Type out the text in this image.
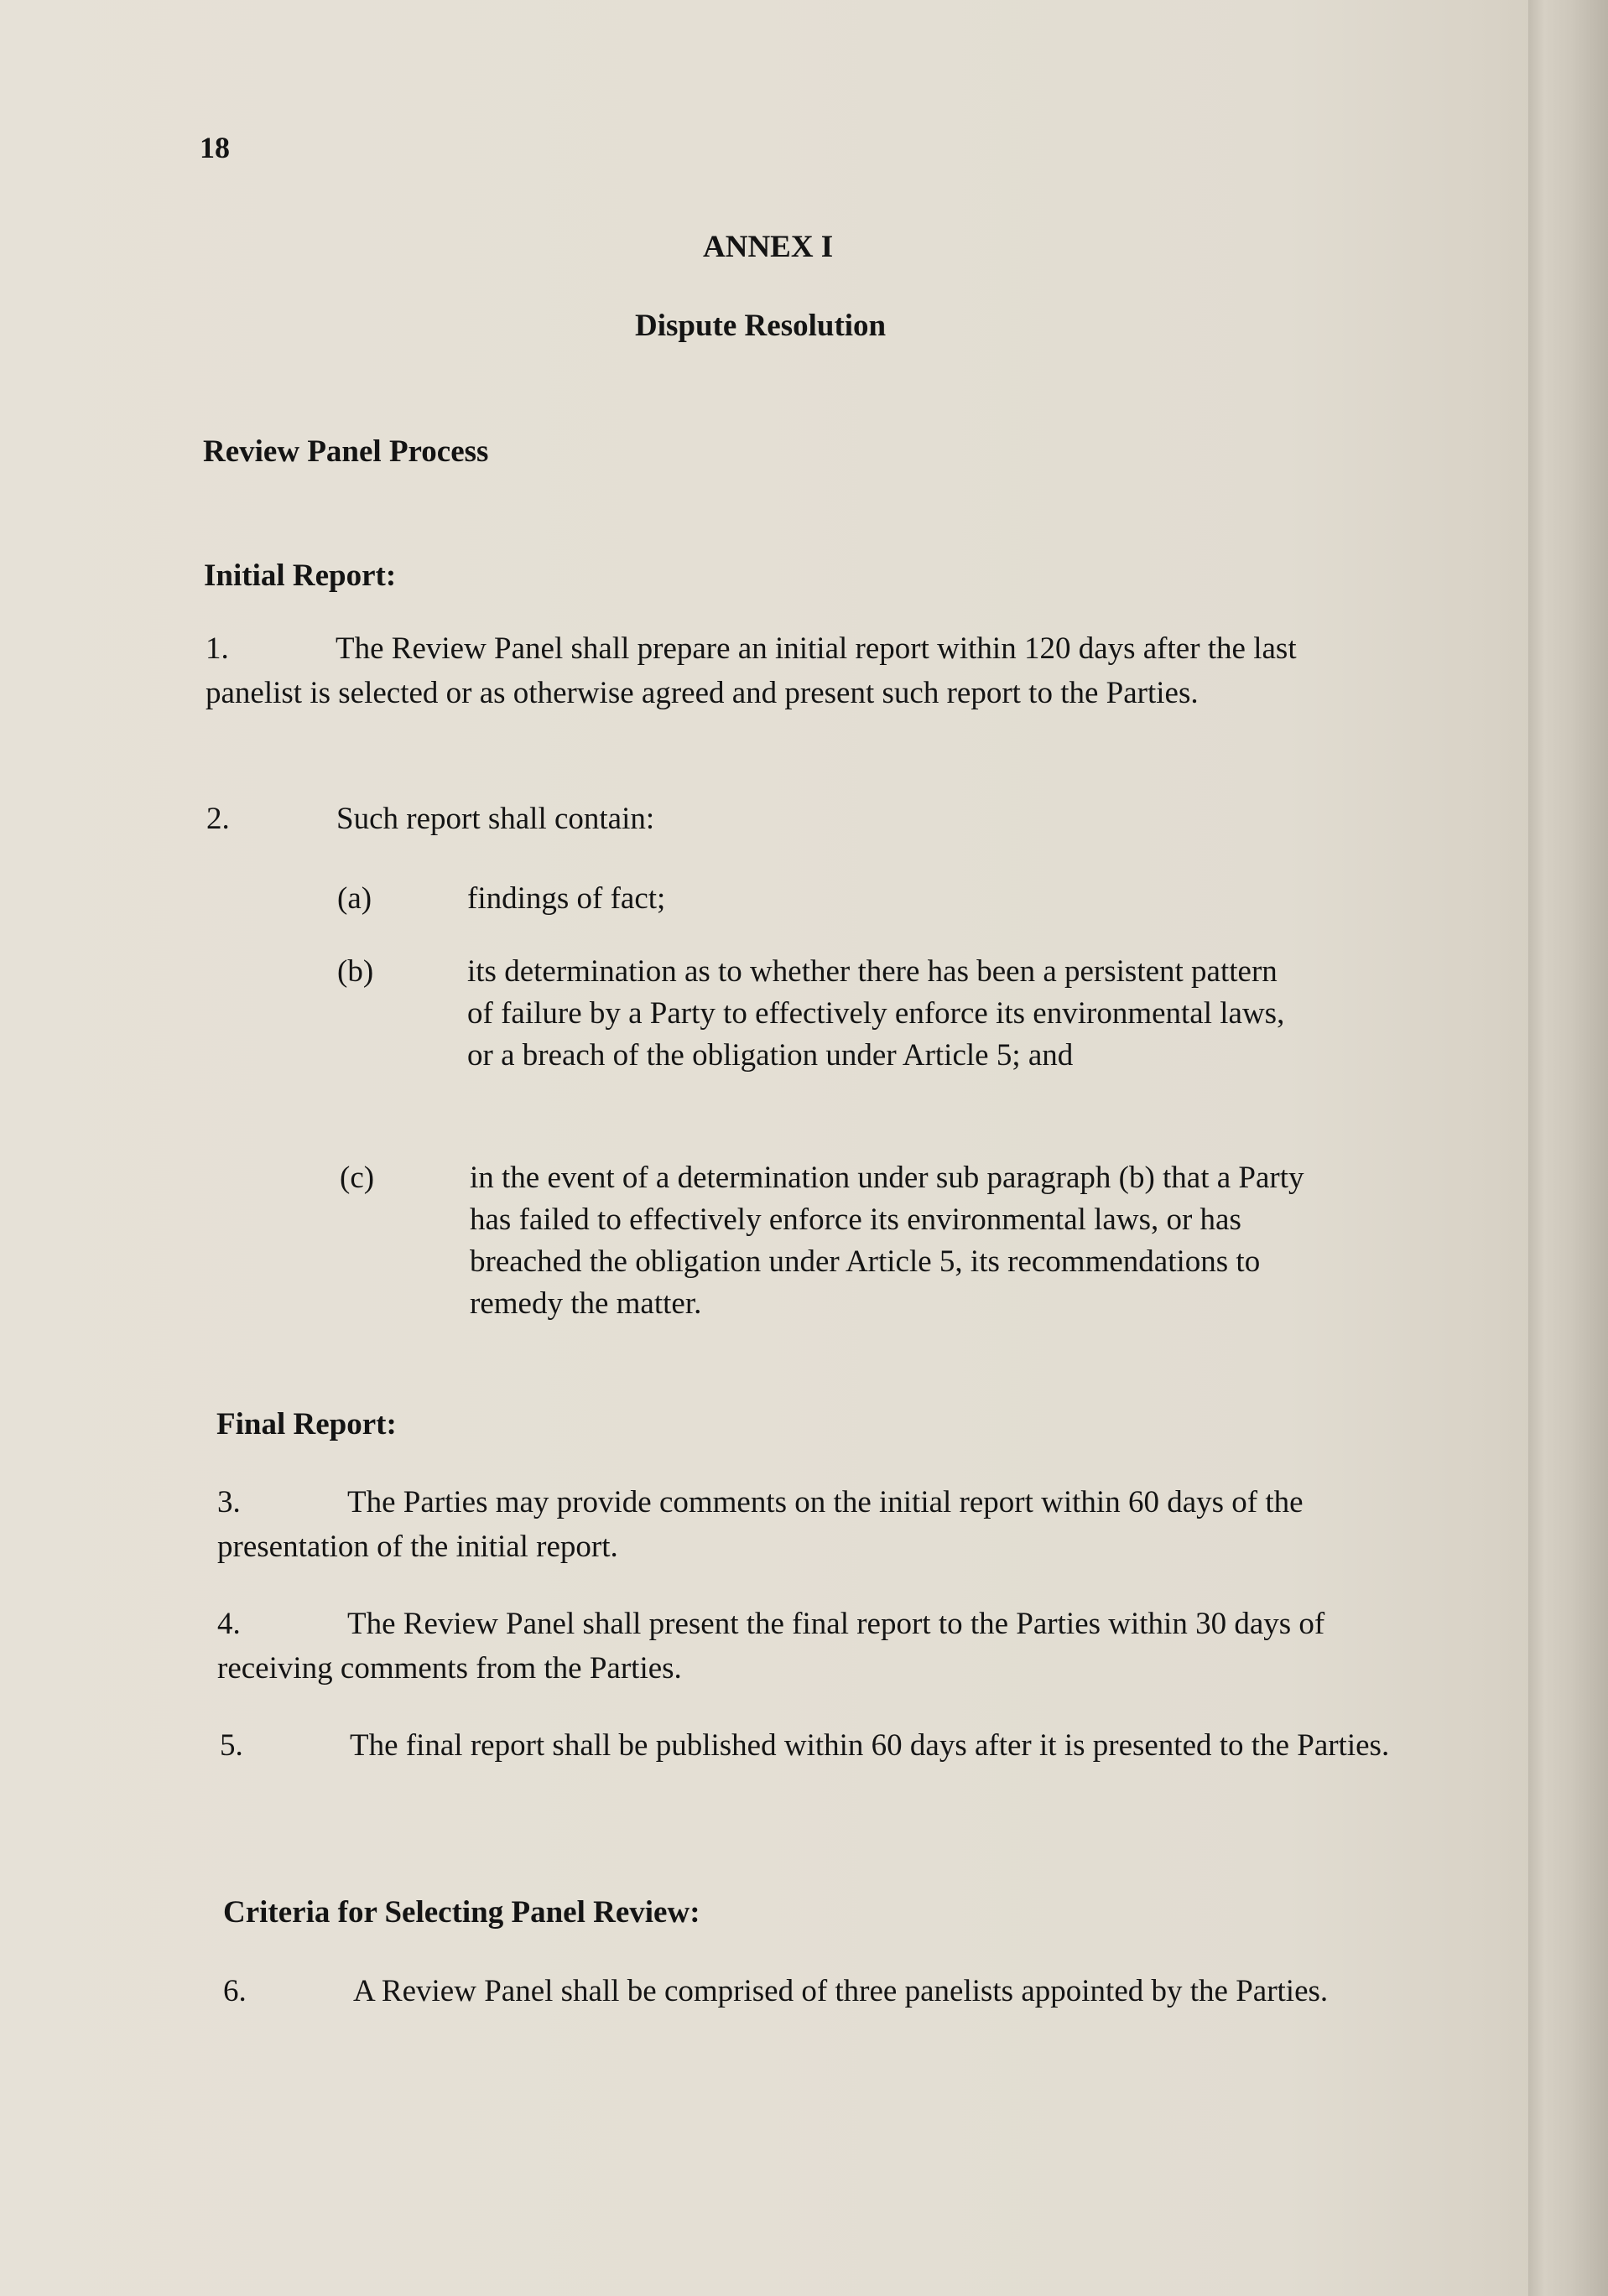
18
ANNEX I
Dispute Resolution
Review Panel Process
Initial Report:
1.	The Review Panel shall prepare an initial report within 120 days after the last panelist is selected or as otherwise agreed and present such report to the Parties.
2.	Such report shall contain:
(a)	findings of fact;
(b)	its determination as to whether there has been a persistent pattern of failure by a Party to effectively enforce its environmental laws, or a breach of the obligation under Article 5; and
(c)	in the event of a determination under sub paragraph (b) that a Party has failed to effectively enforce its environmental laws, or has breached the obligation under Article 5, its recommendations to remedy the matter.
Final Report:
3.	The Parties may provide comments on the initial report within 60 days of the presentation of the initial report.
4.	The Review Panel shall present the final report to the Parties within 30 days of receiving comments from the Parties.
5.	The final report shall be published within 60 days after it is presented to the Parties.
Criteria for Selecting Panel Review:
6.	A Review Panel shall be comprised of three panelists appointed by the Parties.
